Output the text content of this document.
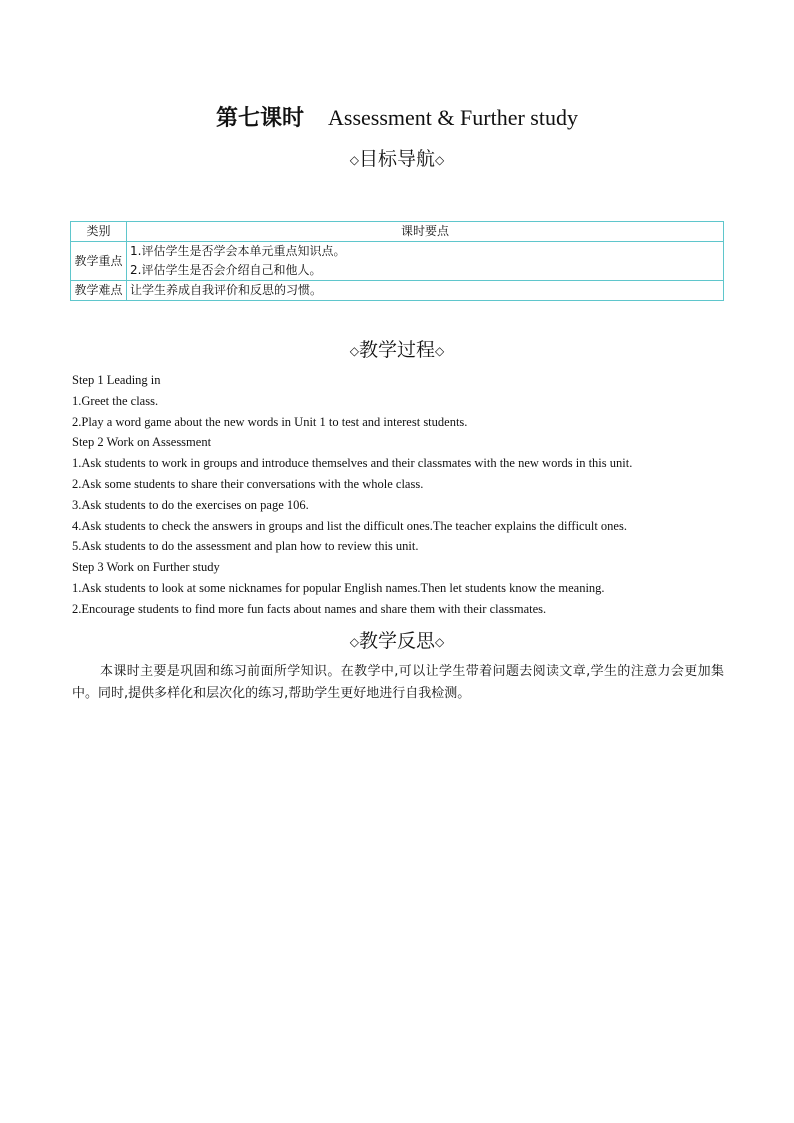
第七课时 Assessment & Further study
◇目标导航◇
类别	课时要点
教学重点	1.评估学生是否学会本单元重点知识点。
2.评估学生是否会介绍自己和他人。

教学难点	让学生养成自我评价和反思的习惯。
◇教学过程◇
Step 1 Leading in
1.Greet the class.
2.Play a word game about the new words in Unit 1 to test and interest students.
Step 2 Work on Assessment
1.Ask students to work in groups and introduce themselves and their classmates with the new words in this unit.
2.Ask some students to share their conversations with the whole class.
3.Ask students to do the exercises on page 106.
4.Ask students to check the answers in groups and list the difficult ones.The teacher explains the difficult ones.
5.Ask students to do the assessment and plan how to review this unit.
Step 3 Work on Further study
1.Ask students to look at some nicknames for popular English names.Then let students know the meaning.
2.Encourage students to find more fun facts about names and share them with their classmates.
◇教学反思◇
本课时主要是巩固和练习前面所学知识。在教学中,可以让学生带着问题去阅读文章,学生的注意力会更加集中。同时,提供多样化和层次化的练习,帮助学生更好地进行自我检测。
